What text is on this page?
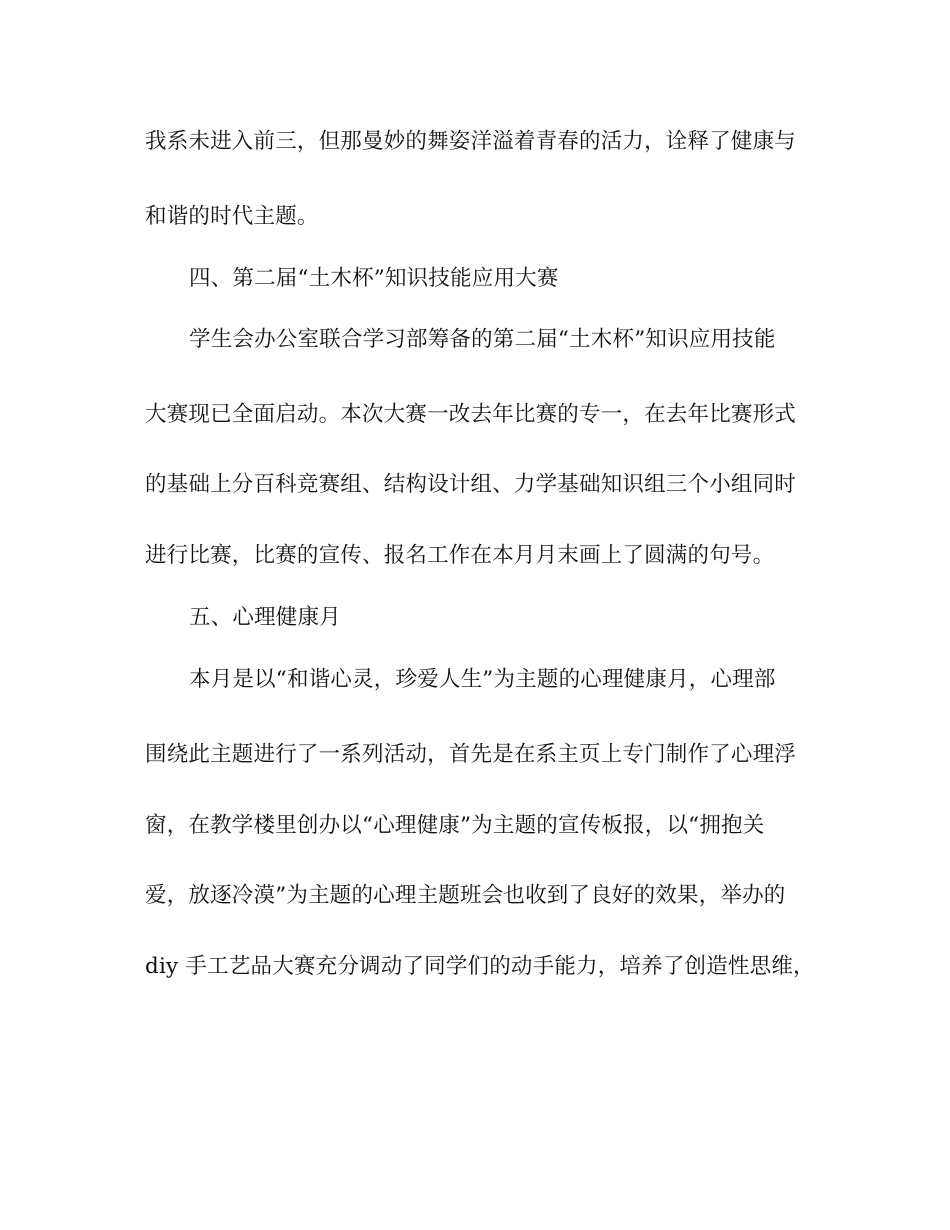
我系未进入前三，但那曼妙的舞姿洋溢着青春的活力，诠释了健康与
和谐的时代主题。
四、第二届“土木杯”知识技能应用大赛
学生会办公室联合学习部筹备的第二届“土木杯”知识应用技能
大赛现已全面启动。本次大赛一改去年比赛的专一，在去年比赛形式
的基础上分百科竞赛组、结构设计组、力学基础知识组三个小组同时
进行比赛，比赛的宣传、报名工作在本月月末画上了圆满的句号。
五、心理健康月
本月是以“和谐心灵，珍爱人生”为主题的心理健康月，心理部
围绕此主题进行了一系列活动，首先是在系主页上专门制作了心理浮
窗，在教学楼里创办以“心理健康”为主题的宣传板报，以“拥抱关
爱，放逐冷漠”为主题的心理主题班会也收到了良好的效果，举办的
diy 手工艺品大赛充分调动了同学们的动手能力，培养了创造性思维，
